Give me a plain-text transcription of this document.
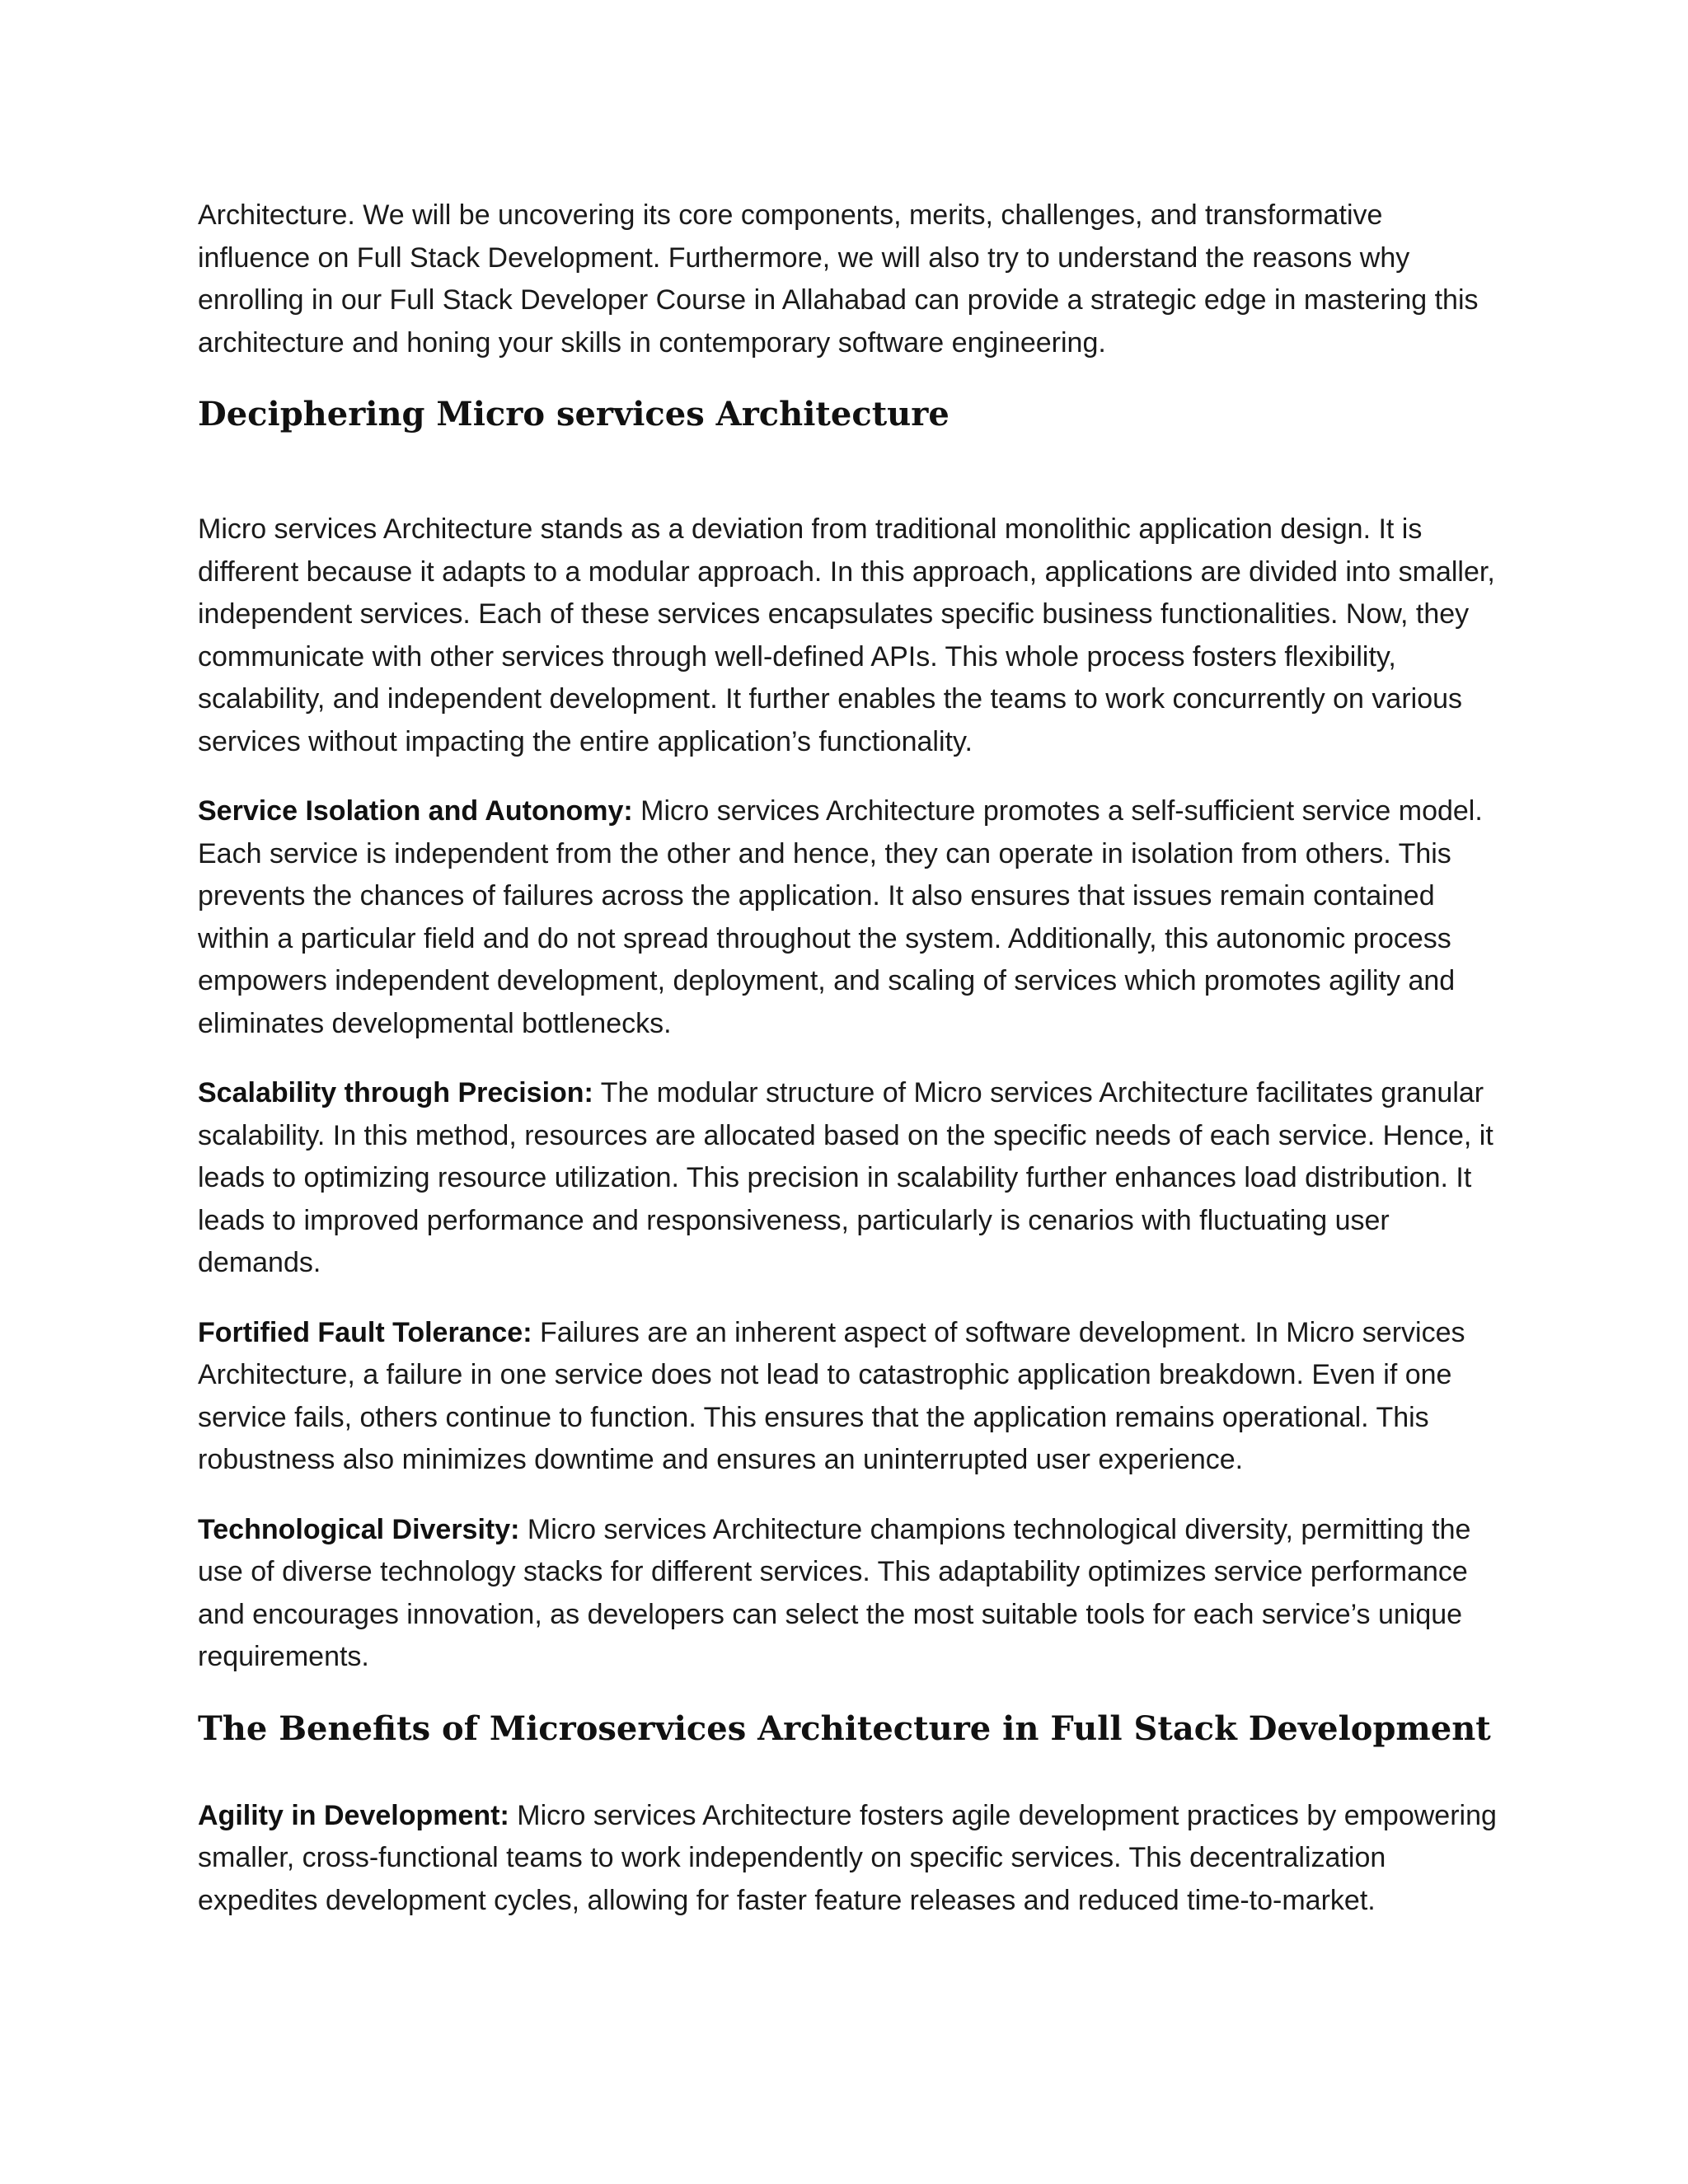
Architecture. We will be uncovering its core components, merits, challenges, and transformative influence on Full Stack Development. Furthermore, we will also try to understand the reasons why enrolling in our Full Stack Developer Course in Allahabad can provide a strategic edge in mastering this architecture and honing your skills in contemporary software engineering.

Deciphering Micro services Architecture

Micro services Architecture stands as a deviation from traditional monolithic application design. It is different because it adapts to a modular approach. In this approach, applications are divided into smaller, independent services. Each of these services encapsulates specific business functionalities. Now, they communicate with other services through well-defined APIs. This whole process fosters flexibility, scalability, and independent development. It further enables the teams to work concurrently on various services without impacting the entire application’s functionality.

Service Isolation and Autonomy: Micro services Architecture promotes a self-sufficient service model. Each service is independent from the other and hence, they can operate in isolation from others. This prevents the chances of failures across the application. It also ensures that issues remain contained within a particular field and do not spread throughout the system. Additionally, this autonomic process empowers independent development, deployment, and scaling of services which promotes agility and eliminates developmental bottlenecks.

Scalability through Precision: The modular structure of Micro services Architecture facilitates granular scalability. In this method, resources are allocated based on the specific needs of each service. Hence, it leads to optimizing resource utilization. This precision in scalability further enhances load distribution. It leads to improved performance and responsiveness, particularly is cenarios with fluctuating user demands.

Fortified Fault Tolerance: Failures are an inherent aspect of software development. In Micro services Architecture, a failure in one service does not lead to catastrophic application breakdown. Even if one service fails, others continue to function. This ensures that the application remains operational. This robustness also minimizes downtime and ensures an uninterrupted user experience.

Technological Diversity: Micro services Architecture champions technological diversity, permitting the use of diverse technology stacks for different services. This adaptability optimizes service performance and encourages innovation, as developers can select the most suitable tools for each service’s unique requirements.

The Benefits of Microservices Architecture in Full Stack Development

Agility in Development: Micro services Architecture fosters agile development practices by empowering smaller, cross-functional teams to work independently on specific services. This decentralization expedites development cycles, allowing for faster feature releases and reduced time-to-market.
